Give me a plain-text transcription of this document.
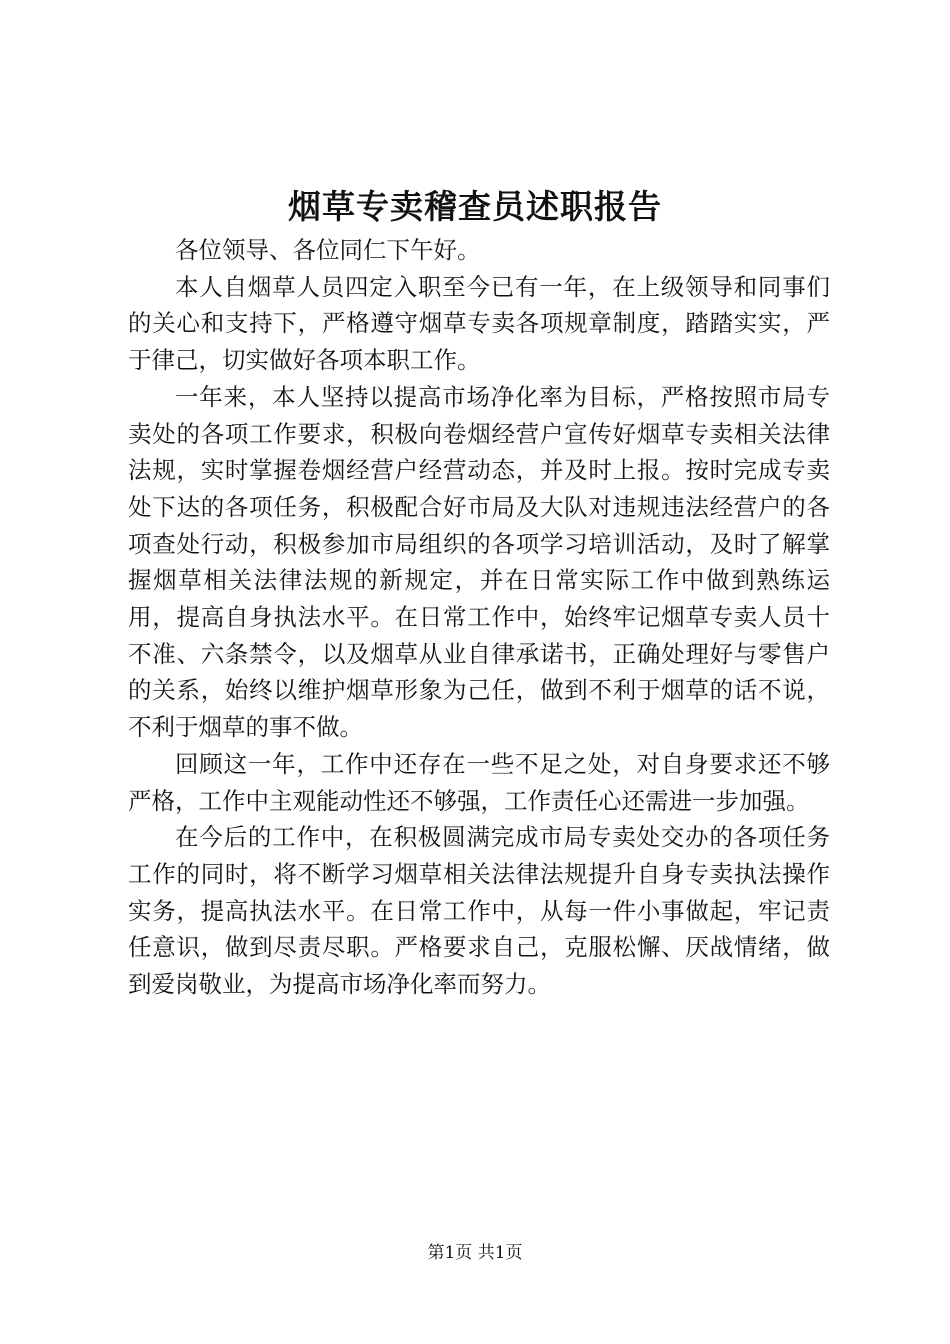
烟草专卖稽查员述职报告

各位领导、各位同仁下午好。

本人自烟草人员四定入职至今已有一年，在上级领导和同事们的关心和支持下，严格遵守烟草专卖各项规章制度，踏踏实实，严于律己，切实做好各项本职工作。

一年来，本人坚持以提高市场净化率为目标，严格按照市局专卖处的各项工作要求，积极向卷烟经营户宣传好烟草专卖相关法律法规，实时掌握卷烟经营户经营动态，并及时上报。按时完成专卖处下达的各项任务，积极配合好市局及大队对违规违法经营户的各项查处行动，积极参加市局组织的各项学习培训活动，及时了解掌握烟草相关法律法规的新规定，并在日常实际工作中做到熟练运用，提高自身执法水平。在日常工作中，始终牢记烟草专卖人员十不准、六条禁令，以及烟草从业自律承诺书，正确处理好与零售户的关系，始终以维护烟草形象为己任，做到不利于烟草的话不说，不利于烟草的事不做。

回顾这一年，工作中还存在一些不足之处，对自身要求还不够严格，工作中主观能动性还不够强，工作责任心还需进一步加强。

在今后的工作中，在积极圆满完成市局专卖处交办的各项任务工作的同时，将不断学习烟草相关法律法规提升自身专卖执法操作实务，提高执法水平。在日常工作中，从每一件小事做起，牢记责任意识，做到尽责尽职。严格要求自己，克服松懈、厌战情绪，做到爱岗敬业，为提高市场净化率而努力。

第1页 共1页
